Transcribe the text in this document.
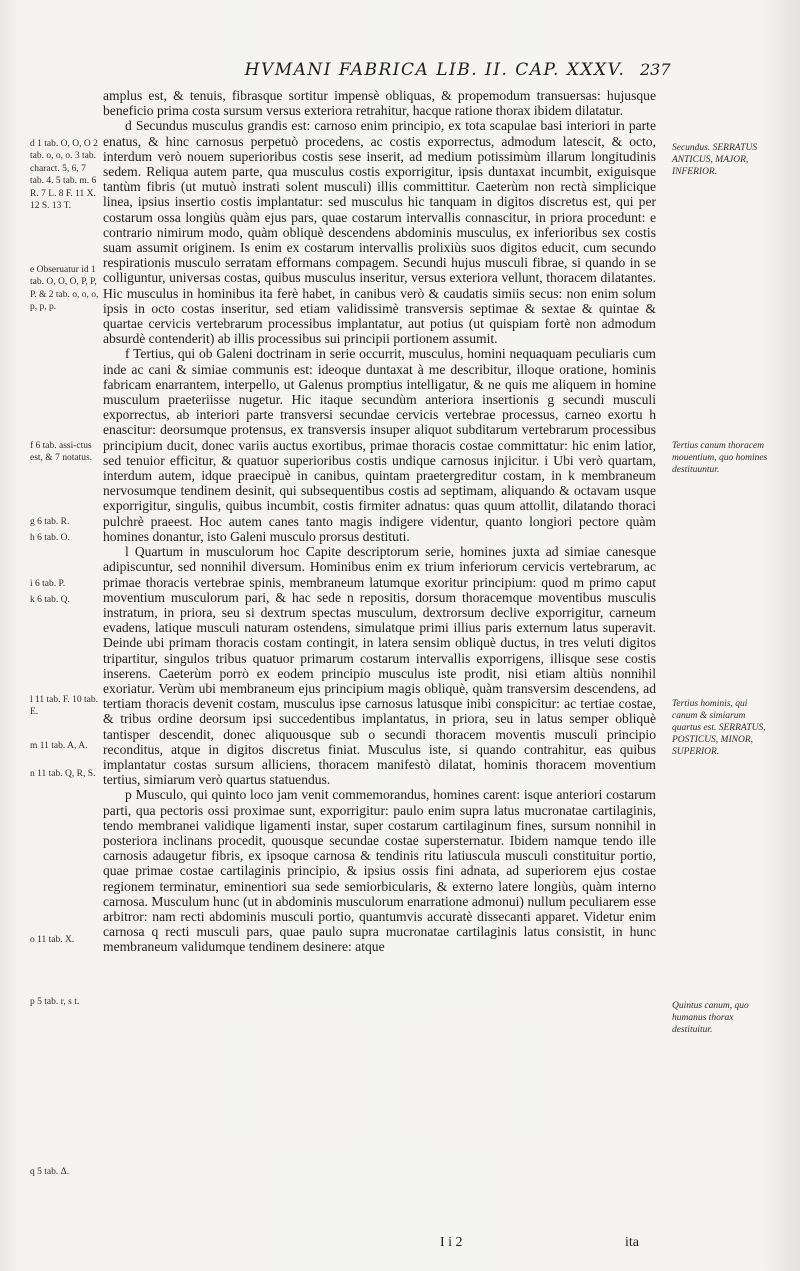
HVMANI FABRICA LIB. II. CAP. XXXV. 237

amplus est, & tenuis, fibrasque sortitur impensè obliquas, & propemodum transuersas: hujusque beneficio prima costa sursum versus exteriora retrahitur, hacque ratione thorax ibidem dilatatur.

d Secundus musculus grandis est: carnoso enim principio, ex tota scapulae basi interiori in parte enatus, & hinc carnosus perpetuò procedens, ac costis exporrectus, admodum latescit, & octo, interdum verò nouem superioribus costis sese inserit, ad medium potissimùm illarum longitudinis sedem. Reliqua autem parte, qua musculus costis exporrigitur, ipsis duntaxat incumbit, exiguisque tantùm fibris (ut mutuò instrati solent musculi) illis committitur. Caeterùm non rectà simplicique linea, ipsius insertio costis implantatur: sed musculus hic tanquam in digitos discretus est, qui per costarum ossa longiùs quàm ejus pars, quae costarum intervallis connascitur, in priora procedunt: e contrario nimirum modo, quàm obliquè descendens abdominis musculus, ex inferioribus sex costis suam assumit originem. Is enim ex costarum intervallis prolixiùs suos digitos educit, cum secundo respirationis musculo serratam efformans compagem. Secundi hujus musculi fibrae, si quando in se colliguntur, universas costas, quibus musculus inseritur, versus exteriora vellunt, thoracem dilatantes. Hic musculus in hominibus ita ferè habet, in canibus verò & caudatis simiis secus: non enim solum ipsis in octo costas inseritur, sed etiam validissimè transversis septimae & sextae & quintae & quartae cervicis vertebrarum processibus implantatur, aut potius (ut quispiam fortè non admodum absurdè contenderit) ab illis processibus sui principii portionem assumit.

f Tertius, qui ob Galeni doctrinam in serie occurrit, musculus, homini nequaquam peculiaris cum inde ac cani & simiae communis est: ideoque duntaxat à me describitur, illoque oratione, hominis fabricam enarrantem, interpello, ut Galenus promptius intelligatur, & ne quis me aliquem in homine musculum praeteriisse nugetur. Hic itaque secundùm anteriora insertionis g secundi musculi exporrectus, ab interiori parte transversi secundae cervicis vertebrae processus, carneo exortu h enascitur: deorsumque protensus, ex transversis insuper aliquot subditarum vertebrarum processibus principium ducit, donec variis auctus exortibus, primae thoracis costae committatur: hic enim latior, sed tenuior efficitur, & quatuor superioribus costis undique carnosus injicitur. i Ubi verò quartam, interdum autem, idque praecipuè in canibus, quintam praetergreditur costam, in k membraneum nervosumque tendinem desinit, qui subsequentibus costis ad septimam, aliquando & octavam usque exporrigitur, singulis, quibus incumbit, costis firmiter adnatus: quas quum attollit, dilatando thoraci pulchrè praeest. Hoc autem canes tanto magis indigere videntur, quanto longiori pectore quàm homines donantur, isto Galeni musculo prorsus destituti.

l Quartum in musculorum hoc Capite descriptorum serie, homines juxta ad simiae canesque adipiscuntur, sed nonnihil diversum. Hominibus enim ex trium inferiorum cervicis vertebrarum, ac primae thoracis vertebrae spinis, membraneum latumque exoritur principium: quod m primo caput moventium musculorum pari, & hac sede n repositis, dorsum thoracemque moventibus musculis instratum, in priora, seu si dextrum spectas musculum, dextrorsum declive exporrigitur, carneum evadens, latique musculi naturam ostendens, simulatque primi illius paris externum latus superavit. Deinde ubi primam thoracis costam contingit, in latera sensim obliquè ductus, in tres veluti digitos tripartitur, singulos tribus quatuor primarum costarum intervallis exporrigens, illisque sese costis inserens. Caeterùm porrò ex eodem principio musculus iste prodit, nisi etiam altiùs nonnihil exoriatur. Verùm ubi membraneum ejus principium magis obliquè, quàm transversim descendens, ad tertiam thoracis devenit costam, musculus ipse carnosus latusque inibi conspicitur: ac tertiae costae, & tribus ordine deorsum ipsi succedentibus implantatus, in priora, seu in latus semper obliquè tantisper descendit, donec aliquousque sub o secundi thoracem moventis musculi principio reconditus, atque in digitos discretus finiat. Musculus iste, si quando contrahitur, eas quibus implantatur costas sursum alliciens, thoracem manifestò dilatat, hominis thoracem moventium tertius, simiarum verò quartus statuendus.

p Musculo, qui quinto loco jam venit commemorandus, homines carent: isque anteriori costarum parti, qua pectoris ossi proximae sunt, exporrigitur: paulo enim supra latus mucronatae cartilaginis, tendo membranei validique ligamenti instar, super costarum cartilaginum fines, sursum nonnihil in posteriora inclinans procedit, quousque secundae costae supersternatur. Ibidem namque tendo ille carnosis adaugetur fibris, ex ipsoque carnosa & tendinis ritu latiuscula musculi constituitur portio, quae primae costae cartilaginis principio, & ipsius ossis fini adnata, ad superiorem ejus costae regionem terminatur, eminentiori sua sede semiorbicularis, & externo latere longiùs, quàm interno carnosa. Musculum hunc (ut in abdominis musculorum enarratione admonui) nullum peculiarem esse arbitror: nam recti abdominis musculi portio, quantumvis accuratè dissecanti apparet. Videtur enim carnosa q recti musculi pars, quae paulo supra mucronatae cartilaginis latus consistit, in hunc membraneum validumque tendinem desinere: atque

d 1 tab. O, O, O 2 tab. o, o, o. 3 tab. charact. 5, 6, 7 tab. 4. 5 tab. m. 6 R. 7 L. 8 F. 11 X. 12 S. 13 T.
e Obseruatur id 1 tab. O, O, O, P, P, P. & 2 tab. o, o, o, p, p, p.
f 6 tab. assi-ctus est, & 7 notatus.
g 6 tab. R.
h 6 tab. O.
i 6 tab. P.
k 6 tab. Q.
l 11 tab. F. 10 tab. E.
m 11 tab. A, A.
n 11 tab. Q, R, S.
o 11 tab. X.
p 5 tab. r, s t.
q 5 tab. Δ.
Secundus. SERRATUS ANTICUS, MAJOR, INFERIOR.
Tertius canum thoracem mouentium, quo homines destituuntur.
Tertius hominis, qui canum & simiarum quartus est. SERRATUS, POSTICUS, MINOR, SUPERIOR.
Quintus canum, quo humanus thorax destituitur.
I i 2	ita
